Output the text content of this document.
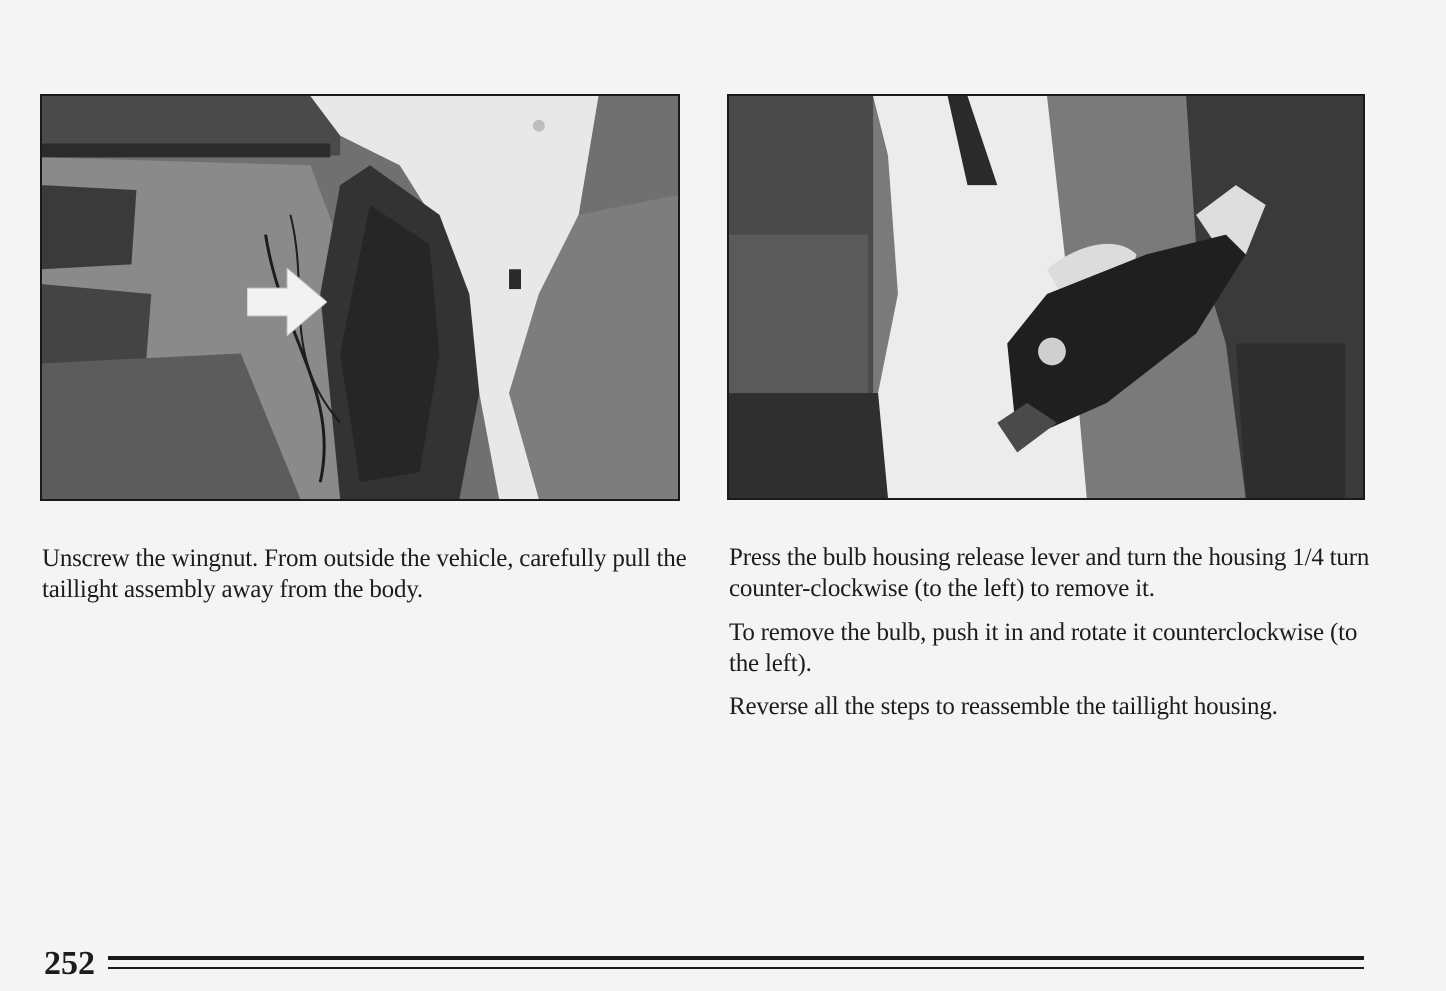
Unscrew the wingnut. From outside the vehicle, carefully pull the taillight assembly away from the body.

Press the bulb housing release lever and turn the housing 1/4 turn counter-clockwise (to the left) to remove it.

To remove the bulb, push it in and rotate it counterclockwise (to the left).

Reverse all the steps to reassemble the taillight housing.

252
